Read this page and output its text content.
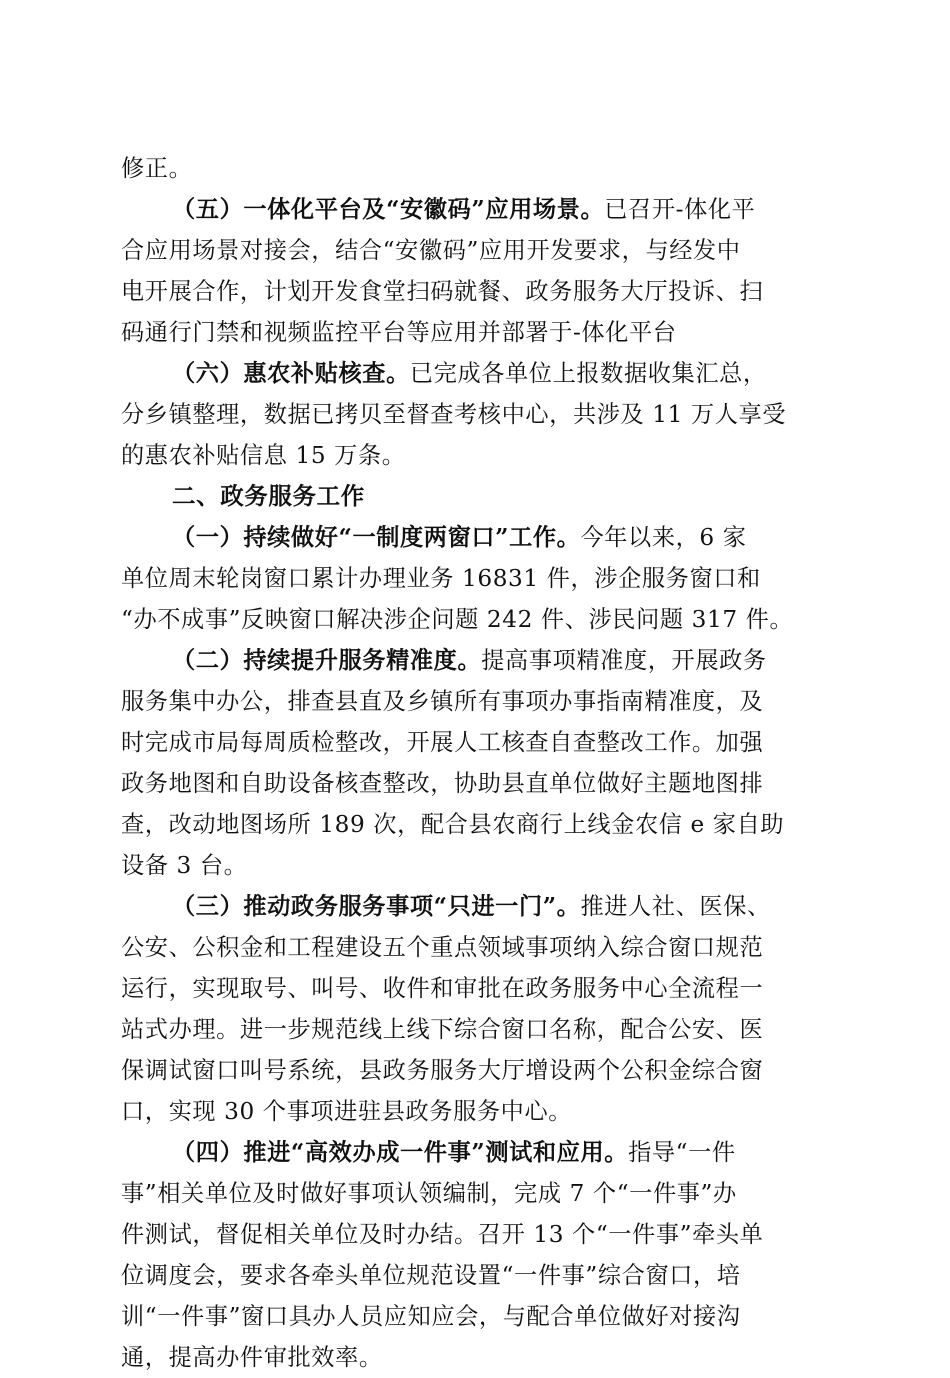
修正。
（五）一体化平台及“安徽码”应用场景。已召开-体化平
合应用场景对接会，结合“安徽码”应用开发要求，与经发中
电开展合作，计划开发食堂扫码就餐、政务服务大厅投诉、扫
码通行门禁和视频监控平台等应用并部署于-体化平台
（六）惠农补贴核查。已完成各单位上报数据收集汇总，
分乡镇整理，数据已拷贝至督查考核中心，共涉及 11 万人享受
的惠农补贴信息 15 万条。
二、政务服务工作
（一）持续做好“一制度两窗口”工作。今年以来，6 家
单位周末轮岗窗口累计办理业务 16831 件，涉企服务窗口和
“办不成事”反映窗口解决涉企问题 242 件、涉民问题 317 件。
（二）持续提升服务精准度。提高事项精准度，开展政务
服务集中办公，排查县直及乡镇所有事项办事指南精准度，及
时完成市局每周质检整改，开展人工核查自查整改工作。加强
政务地图和自助设备核查整改，协助县直单位做好主题地图排
查，改动地图场所 189 次，配合县农商行上线金农信 e 家自助
设备 3 台。
（三）推动政务服务事项“只进一门”。推进人社、医保、
公安、公积金和工程建设五个重点领域事项纳入综合窗口规范
运行，实现取号、叫号、收件和审批在政务服务中心全流程一
站式办理。进一步规范线上线下综合窗口名称，配合公安、医
保调试窗口叫号系统，县政务服务大厅增设两个公积金综合窗
口，实现 30 个事项进驻县政务服务中心。
（四）推进“高效办成一件事”测试和应用。指导“一件
事”相关单位及时做好事项认领编制，完成 7 个“一件事”办
件测试，督促相关单位及时办结。召开 13 个“一件事”牵头单
位调度会，要求各牵头单位规范设置“一件事”综合窗口，培
训“一件事”窗口具办人员应知应会，与配合单位做好对接沟
通，提高办件审批效率。
